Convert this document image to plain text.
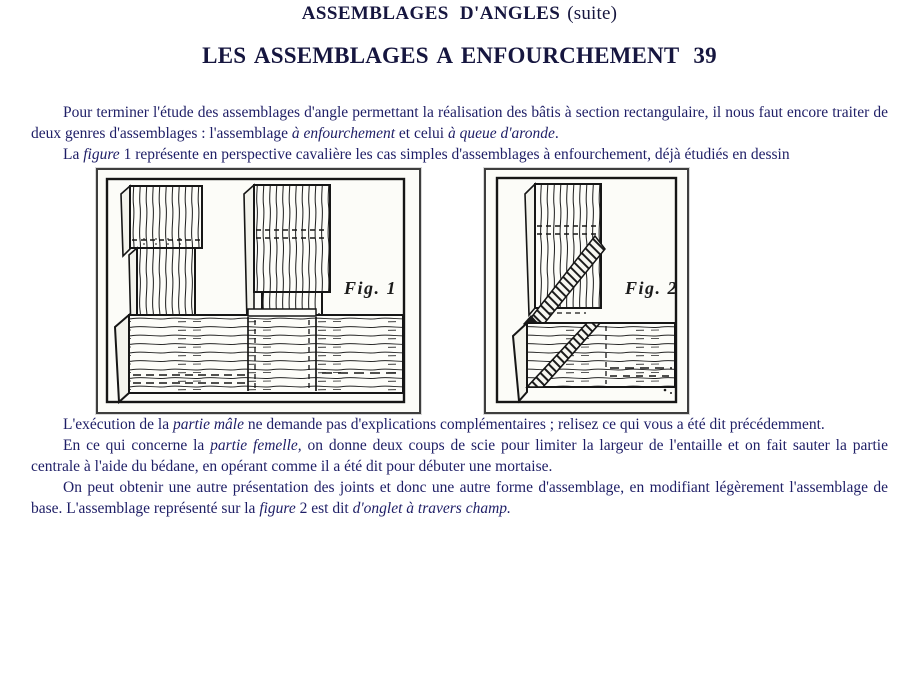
ASSEMBLAGES D'ANGLES (suite)
LES ASSEMBLAGES A ENFOURCHEMENT 39

Pour terminer l'étude des assemblages d'angle permettant la réalisation des bâtis à section rectangulaire, il nous faut encore traiter de deux genres d'assemblages : l'assemblage à enfourchement et celui à queue d'aronde.

La figure 1 représente en perspective cavalière les cas simples d'assemblages à enfourchement, déjà étudiés en dessin

Fig. 1	Fig. 2

L'exécution de la partie mâle ne demande pas d'explications complémentaires ; relisez ce qui vous a été dit précédemment.

En ce qui concerne la partie femelle, on donne deux coups de scie pour limiter la largeur de l'entaille et on fait sauter la partie centrale à l'aide du bédane, en opérant comme il a été dit pour débuter une mortaise.

On peut obtenir une autre présentation des joints et donc une autre forme d'assemblage, en modifiant légèrement l'assemblage de base. L'assemblage représenté sur la figure 2 est dit d'onglet à travers champ.
